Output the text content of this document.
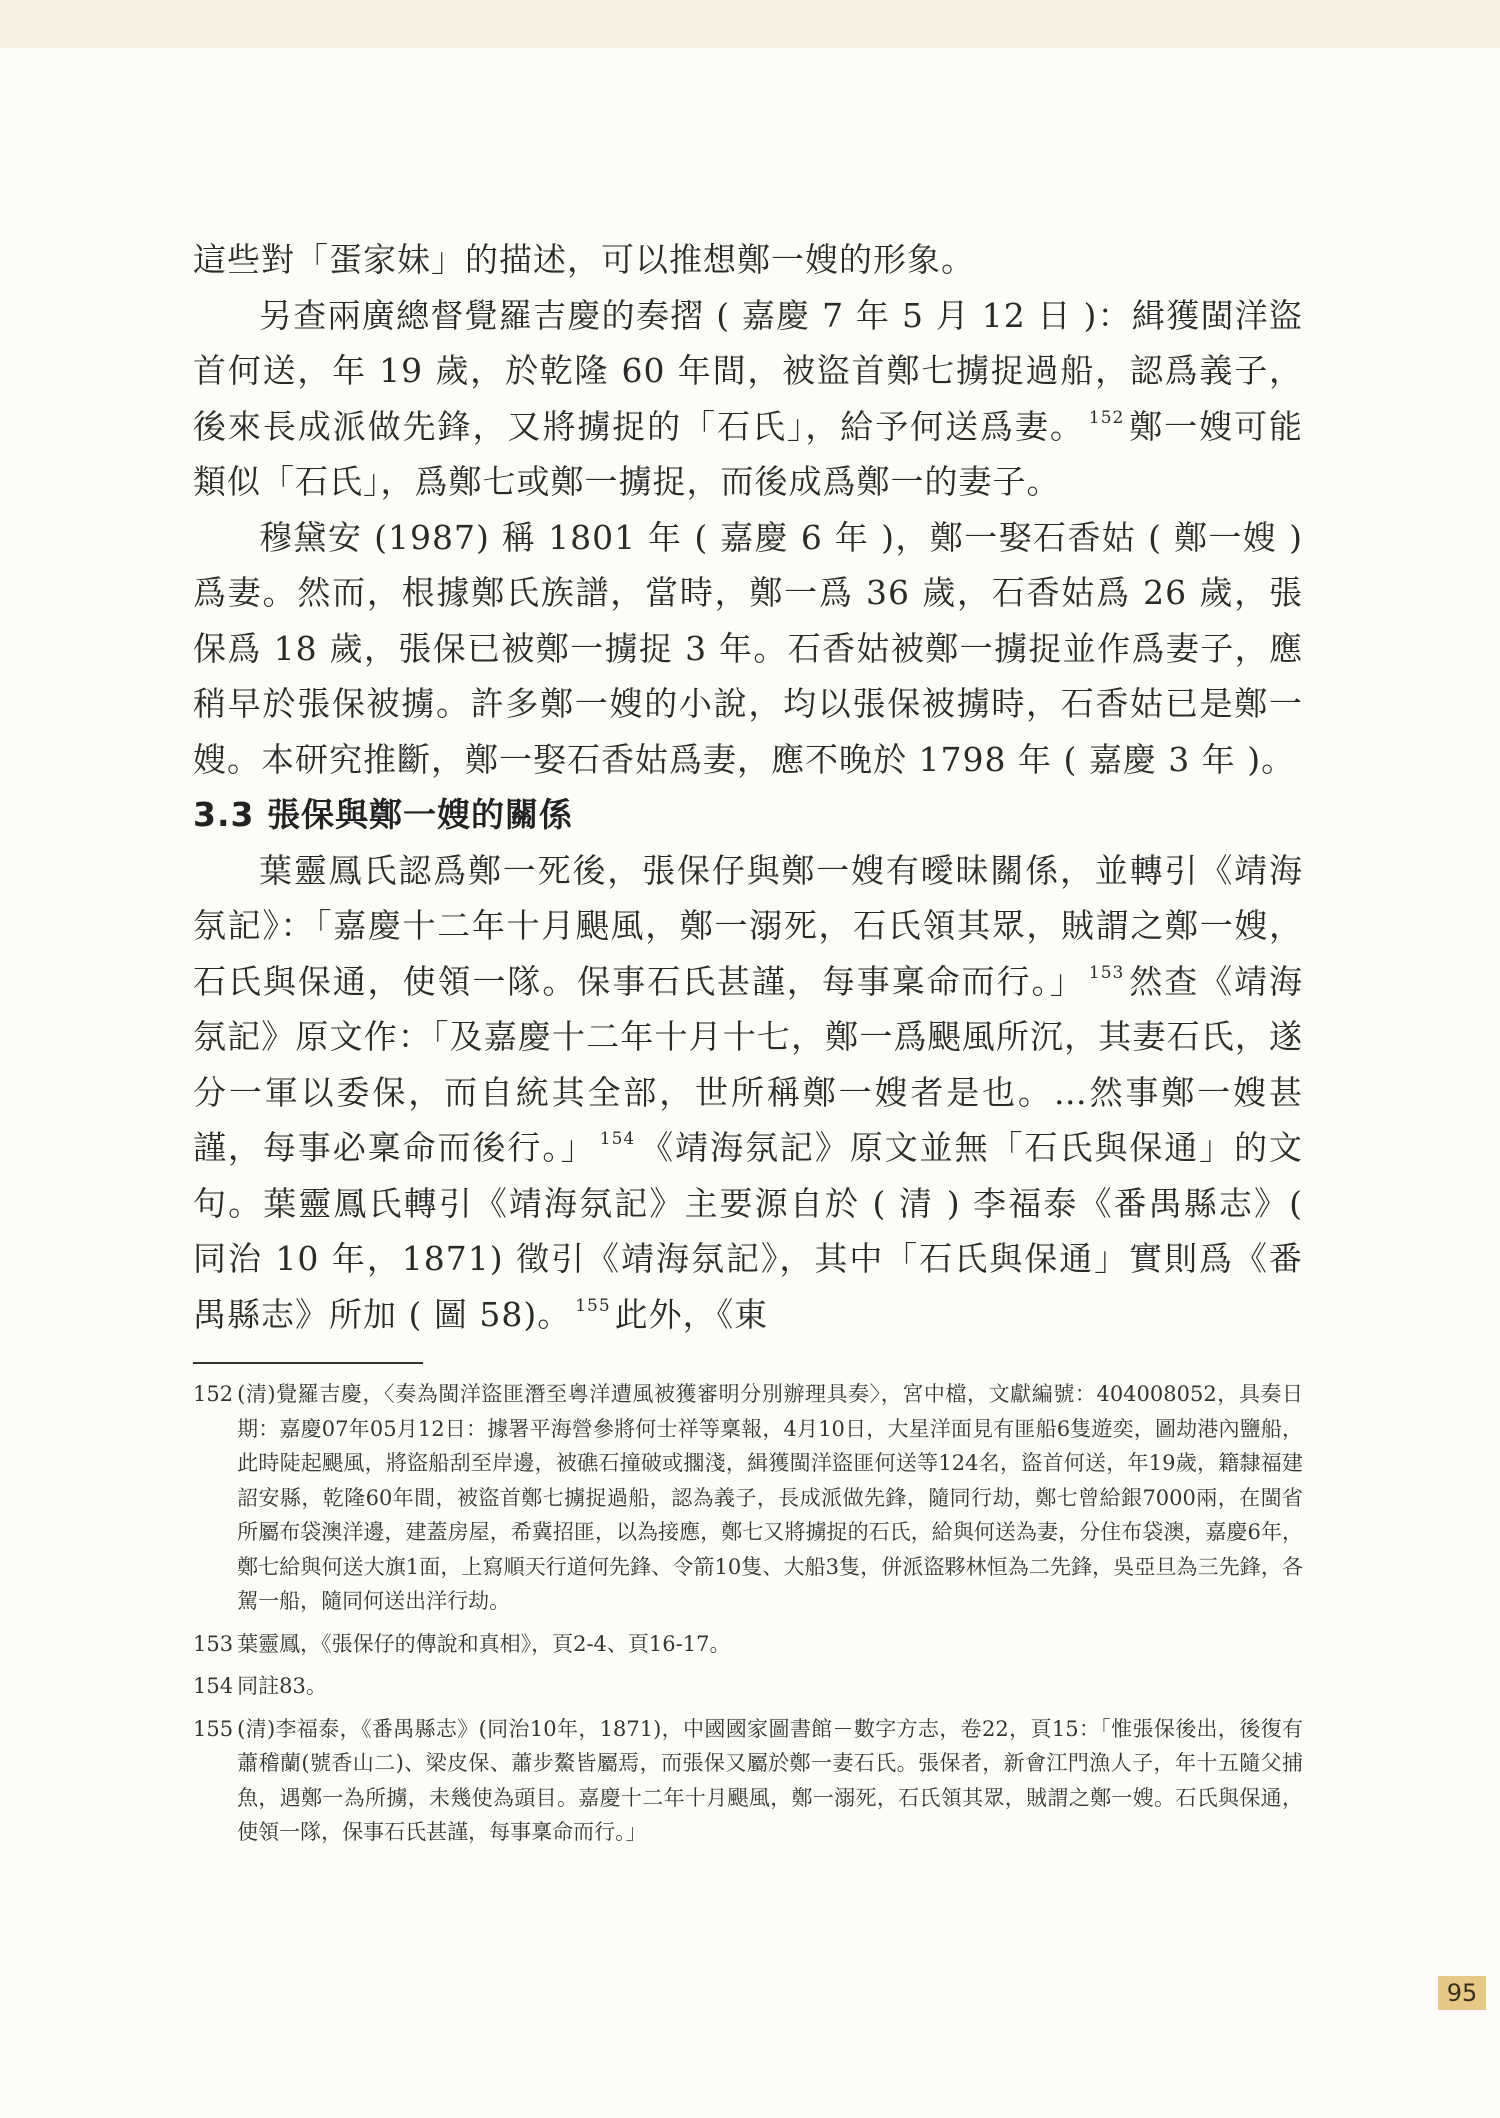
這些對「蛋家妹」的描述，可以推想鄭一嫂的形象。

另查兩廣總督覺羅吉慶的奏摺 ( 嘉慶 7 年 5 月 12 日 )：緝獲閩洋盜首何送，年 19 歲，於乾隆 60 年間，被盜首鄭七擄捉過船，認爲義子，後來長成派做先鋒，又將擄捉的「石氏」，給予何送爲妻。 $^{152}$ 鄭一嫂可能類似「石氏」，爲鄭七或鄭一擄捉，而後成爲鄭一的妻子。

穆黛安 (1987) 稱 1801 年 ( 嘉慶 6 年 )，鄭一娶石香姑 ( 鄭一嫂 ) 爲妻。然而，根據鄭氏族譜，當時，鄭一爲 36 歲，石香姑爲 26 歲，張保爲 18 歲，張保已被鄭一擄捉 3 年。石香姑被鄭一擄捉並作爲妻子，應稍早於張保被擄。許多鄭一嫂的小說，均以張保被擄時，石香姑已是鄭一嫂。本研究推斷，鄭一娶石香姑爲妻，應不晚於 1798 年 ( 嘉慶 3 年 )。

3.3 張保與鄭一嫂的關係

葉靈鳳氏認爲鄭一死後，張保仔與鄭一嫂有曖昧關係，並轉引《靖海氛記》：「嘉慶十二年十月颶風，鄭一溺死，石氏領其眾，賊謂之鄭一嫂，石氏與保通，使領一隊。保事石氏甚謹，每事稟命而行。」 $^{153}$ 然查《靖海氛記》原文作：「及嘉慶十二年十月十七，鄭一爲颶風所沉，其妻石氏，遂分一軍以委保，而自統其全部，世所稱鄭一嫂者是也。…然事鄭一嫂甚謹，每事必稟命而後行。」 $^{154}$ 《靖海氛記》原文並無「石氏與保通」的文句。葉靈鳳氏轉引《靖海氛記》主要源自於 ( 清 ) 李福泰《番禺縣志》( 同治 10 年，1871) 徵引《靖海氛記》，其中「石氏與保通」實則爲《番禺縣志》所加 ( 圖 58)。 $^{155}$ 此外，《東

152 (清)覺羅吉慶，〈奏為閩洋盜匪潛至粵洋遭風被獲審明分別辦理具奏〉，宮中檔，文獻編號：404008052，具奏日期：嘉慶07年05月12日：據署平海營參將何士祥等稟報，4月10日，大星洋面見有匪船6隻遊奕，圖劫港內鹽船，此時陡起颶風，將盜船刮至岸邊，被礁石撞破或擱淺，緝獲閩洋盜匪何送等124名，盜首何送，年19歲，籍隸福建詔安縣，乾隆60年間，被盜首鄭七擄捉過船，認為義子，長成派做先鋒，隨同行劫，鄭七曾給銀7000兩，在閩省所屬布袋澳洋邊，建蓋房屋，希冀招匪，以為接應，鄭七又將擄捉的石氏，給與何送為妻，分住布袋澳，嘉慶6年，鄭七給與何送大旗1面，上寫順天行道何先鋒、令箭10隻、大船3隻，併派盜夥林恒為二先鋒，吳亞旦為三先鋒，各駕一船，隨同何送出洋行劫。
153 葉靈鳳，《張保仔的傳說和真相》，頁2-4、頁16-17。
154 同註83。
155 (清)李福泰，《番禺縣志》(同治10年，1871)，中國國家圖書館－數字方志，卷22，頁15：「惟張保後出，後復有蕭稽蘭(號香山二)、梁皮保、蕭步鰲皆屬焉，而張保又屬於鄭一妻石氏。張保者，新會江門漁人子，年十五隨父捕魚，遇鄭一為所擄，未幾使為頭目。嘉慶十二年十月颶風，鄭一溺死，石氏領其眾，賊謂之鄭一嫂。石氏與保通，使領一隊，保事石氏甚謹，每事稟命而行。」
95
